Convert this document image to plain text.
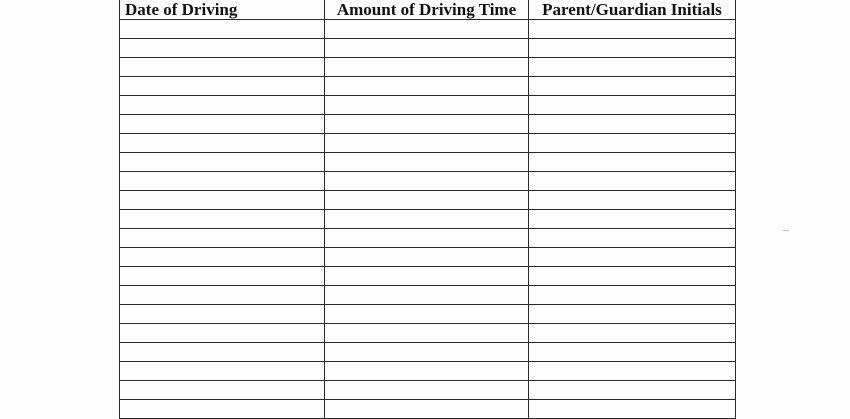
Date of Driving	Amount of Driving Time	Parent/Guardian Initials
